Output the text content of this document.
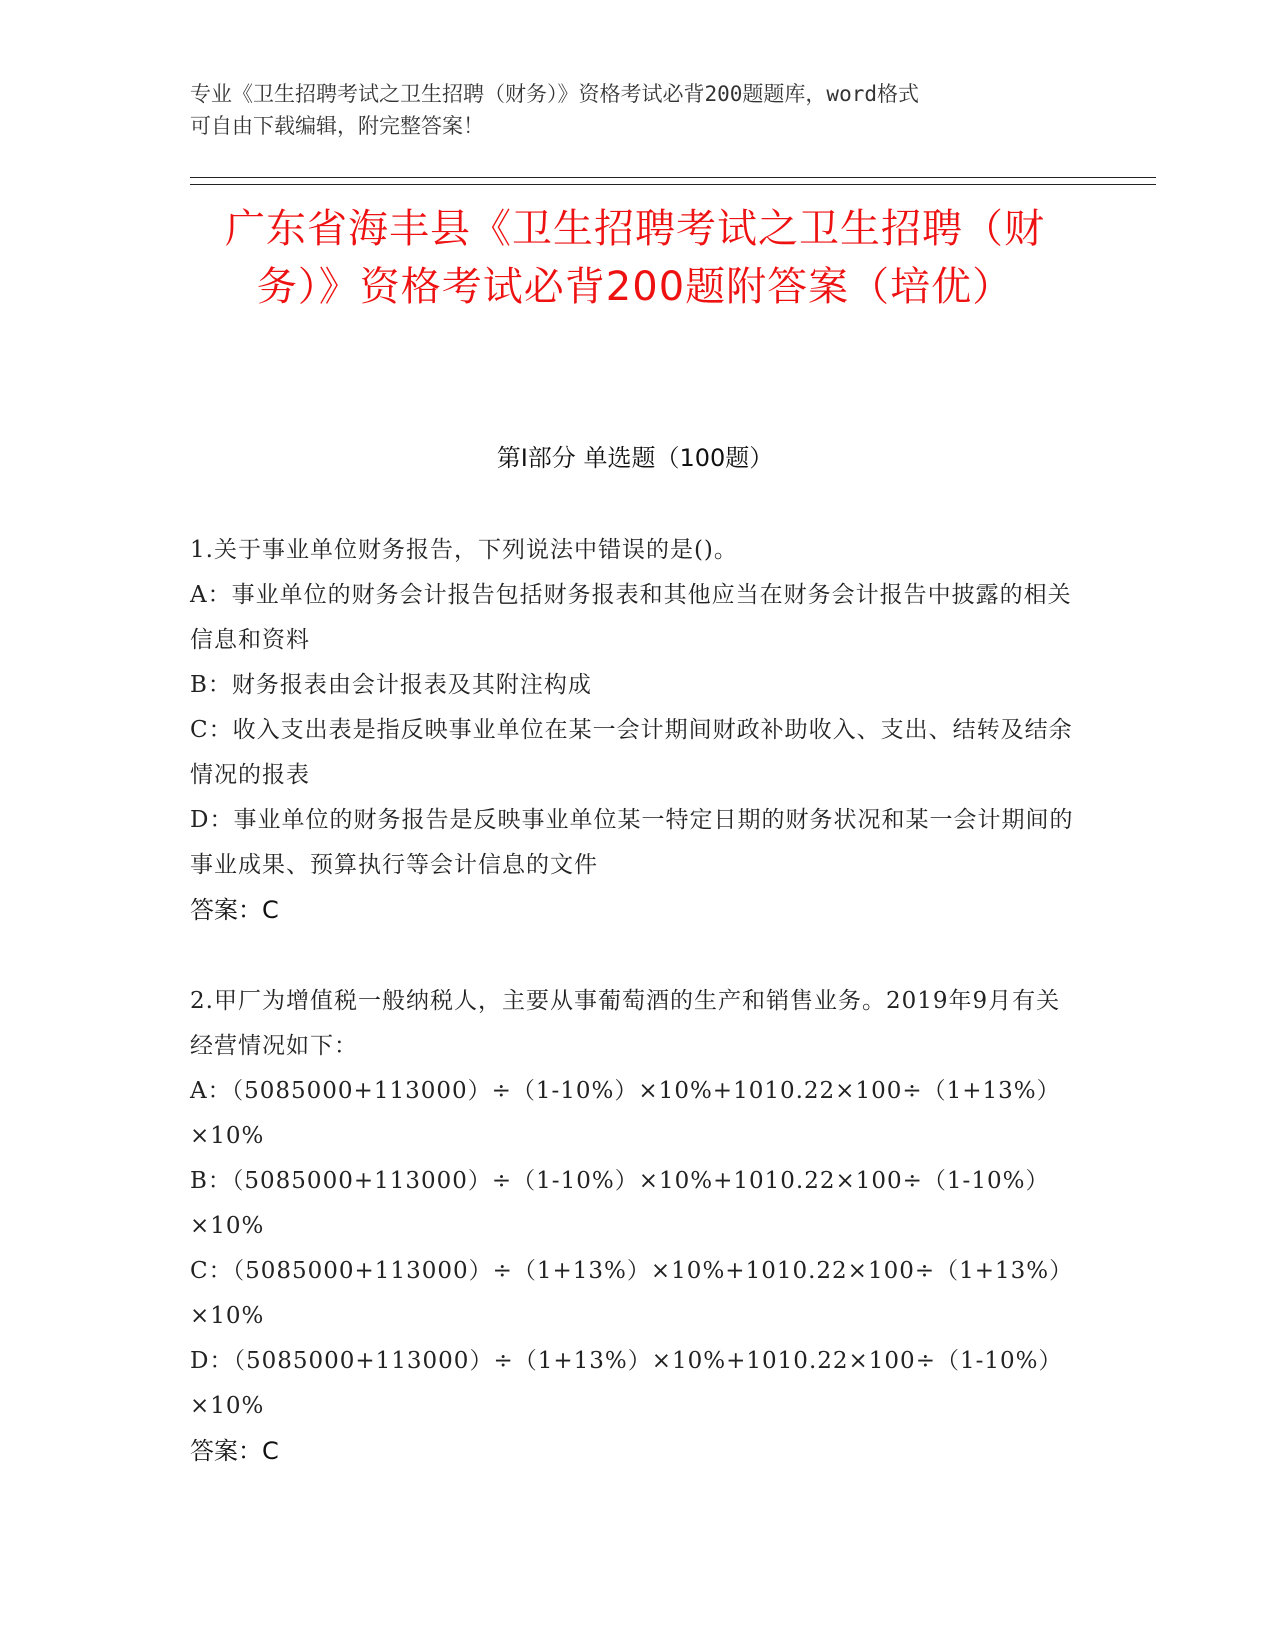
专业《卫生招聘考试之卫生招聘（财务）》资格考试必背200题题库，word格式
可自由下载编辑，附完整答案！
广东省海丰县《卫生招聘考试之卫生招聘（财务）》资格考试必背200题附答案（培优）
第I部分 单选题（100题）
1.关于事业单位财务报告，下列说法中错误的是()。
A：事业单位的财务会计报告包括财务报表和其他应当在财务会计报告中披露的相关信息和资料
B：财务报表由会计报表及其附注构成
C：收入支出表是指反映事业单位在某一会计期间财政补助收入、支出、结转及结余情况的报表
D：事业单位的财务报告是反映事业单位某一特定日期的财务状况和某一会计期间的事业成果、预算执行等会计信息的文件
答案：C
2.甲厂为增值税一般纳税人，主要从事葡萄酒的生产和销售业务。2019年9月有关经营情况如下：
A：（5085000+113000）÷（1-10%）×10%+1010.22×100÷（1+13%）×10%
B：（5085000+113000）÷（1-10%）×10%+1010.22×100÷（1-10%）×10%
C：（5085000+113000）÷（1+13%）×10%+1010.22×100÷（1+13%）×10%
D：（5085000+113000）÷（1+13%）×10%+1010.22×100÷（1-10%）×10%
答案：C
